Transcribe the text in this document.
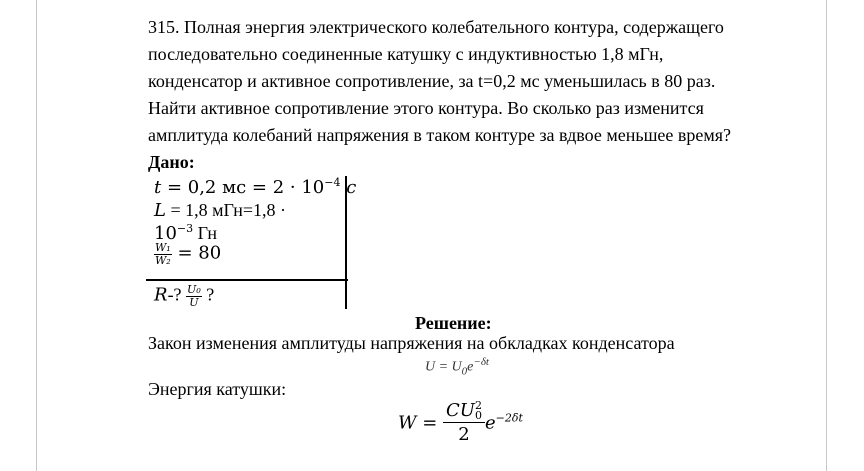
315. Полная энергия электрического колебательного контура, содержащего
последовательно соединенные катушку с индуктивностью 1,8 мГн,
конденсатор и активное сопротивление, за t=0,2 мс уменьшилась в 80 раз.
Найти активное сопротивление этого контура. Во сколько раз изменится
амплитуда колебаний напряжения в таком контуре за вдвое меньшее время?
Дано:
t = 0,2 мс = $2 \cdot 10^{-4}$ c
L = 1,8 мГн=1,8 ·
$10^{-3}$ Гн
$\frac{\text{W₁}}{\text{W₂}} = 80$
R-? $\frac{\text{U₀}}{U}$ ?
Решение:
Закон изменения амплитуды напряжения на обкладках конденсатора
$U = U_0e^{-\delta t}$
Энергия катушки:
W = CU 2
0
2 $e^{-2\delta t}$
